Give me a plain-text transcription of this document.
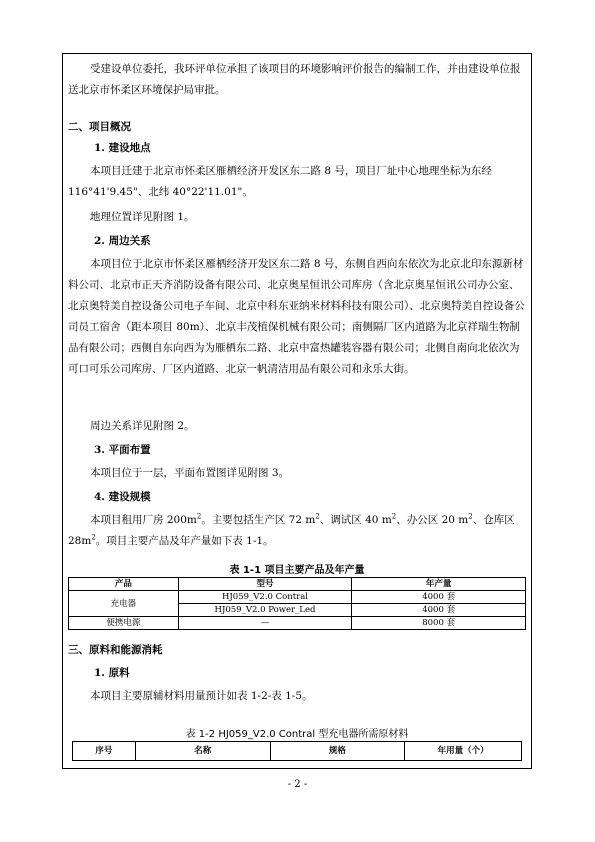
受建设单位委托，我环评单位承担了该项目的环境影响评价报告的编制工作，并由建设单位报送北京市怀柔区环境保护局审批。

二、项目概况

1. 建设地点

本项目迁建于北京市怀柔区雁栖经济开发区东二路 8 号，项目厂址中心地理坐标为东经 116°41'9.45"、北纬 40°22'11.01"。

地理位置详见附图 1。

2. 周边关系

本项目位于北京市怀柔区雁栖经济开发区东二路 8 号，东侧自西向东依次为北京北印东源新材料公司、北京市正天齐消防设备有限公司、北京奥星恒讯公司库房（含北京奥星恒讯公司办公室、北京奥特美自控设备公司电子车间、北京中科东亚纳米材料科技有限公司）、北京奥特美自控设备公司员工宿舍（距本项目 80m）、北京丰茂植保机械有限公司；南侧隔厂区内道路为北京祥瑞生物制品有限公司；西侧自东向西为为雁栖东二路、北京中富热罐装容器有限公司；北侧自南向北依次为可口可乐公司库房、厂区内道路、北京一帆清洁用品有限公司和永乐大街。

周边关系详见附图 2。

3. 平面布置

本项目位于一层，平面布置图详见附图 3。

4. 建设规模

本项目租用厂房 $200m^2$。主要包括生产区 72 $m^2$、调试区 40 $m^2$、办公区 20 $m^2$、仓库区 $28m^2$。项目主要产品及年产量如下表 1-1。

表 1-1 项目主要产品及年产量
产品	型号	年产量
充电器	HJ059_V2.0 Contral	4000 套
	HJ059_V2.0 Power_Led	4000 套
便携电源	—	8000 套

三、原料和能源消耗

1. 原料

本项目主要原辅材料用量预计如表 1-2-表 1-5。

表 1-2 HJ059_V2.0 Contral 型充电器所需原材料
序号	名称	规格	年用量（个）
- 2 -
